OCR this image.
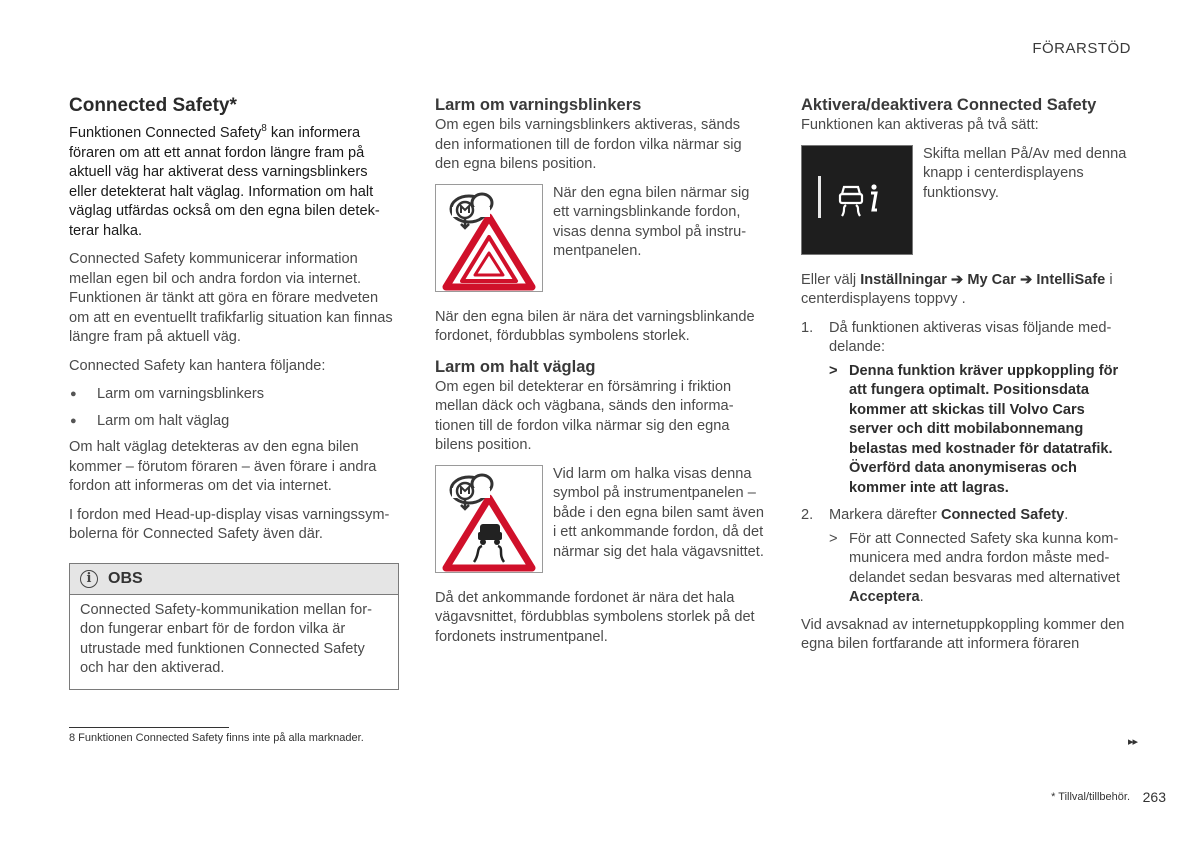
FÖRARSTÖD
Connected Safety*

Funktionen Connected Safety$^8$ kan informera föraren om att ett annat fordon längre fram på aktuell väg har aktiverat dess varningsblinkers eller detekterat halt väglag. Information om halt väglag utfärdas också om den egna bilen detekterar halka.

Connected Safety kommunicerar information mellan egen bil och andra fordon via internet. Funktionen är tänkt att göra en förare medveten om att en eventuellt trafikfarlig situation kan finnas längre fram på aktuell väg.

Connected Safety kan hantera följande:

● Larm om varningsblinkers
● Larm om halt väglag

Om halt väglag detekteras av den egna bilen kommer – förutom föraren – även förare i andra fordon att informeras om det via internet.

I fordon med Head-up-display visas varningssymbolerna för Connected Safety även där.

i	OBS
Connected Safety-kommunikation mellan fordon fungerar enbart för de fordon vilka är utrustade med funktionen Connected Safety och har den aktiverad.
Larm om varningsblinkers

Om egen bils varningsblinkers aktiveras, sänds den informationen till de fordon vilka närmar sig den egna bilens position.

När den egna bilen närmar sig ett varningsblinkande fordon, visas denna symbol på instrumentpanelen.

När den egna bilen är nära det varningsblinkande fordonet, fördubblas symbolens storlek.

Larm om halt väglag

Om egen bil detekterar en försämring i friktion mellan däck och vägbana, sänds den informationen till de fordon vilka närmar sig den egna bilens position.

Vid larm om halka visas denna symbol på instrumentpanelen – både i den egna bilen samt även i ett ankommande fordon, då det närmar sig det hala vägavsnittet.

Då det ankommande fordonet är nära det hala vägavsnittet, fördubblas symbolens storlek på det fordonets instrumentpanel.

Aktivera/deaktivera Connected Safety

Funktionen kan aktiveras på två sätt:

Skifta mellan På/Av med denna knapp i centerdisplayens funktionsvy.

Eller välj Inställningar ➔ My Car ➔ IntelliSafe i centerdisplayens toppvy .

1. Då funktionen aktiveras visas följande meddelande:
> Denna funktion kräver uppkoppling för att fungera optimalt. Positionsdata kommer att skickas till Volvo Cars server och ditt mobilabonnemang belastas med kostnader för datatrafik. Överförd data anonymiseras och kommer inte att lagras.
2. Markera därefter Connected Safety.
> För att Connected Safety ska kunna kommunicera med andra fordon måste meddelandet sedan besvaras med alternativet Acceptera.

Vid avsaknad av internetuppkoppling kommer den egna bilen fortfarande att informera föraren

8 Funktionen Connected Safety finns inte på alla marknader.	▸▸
* Tillval/tillbehör. 263
